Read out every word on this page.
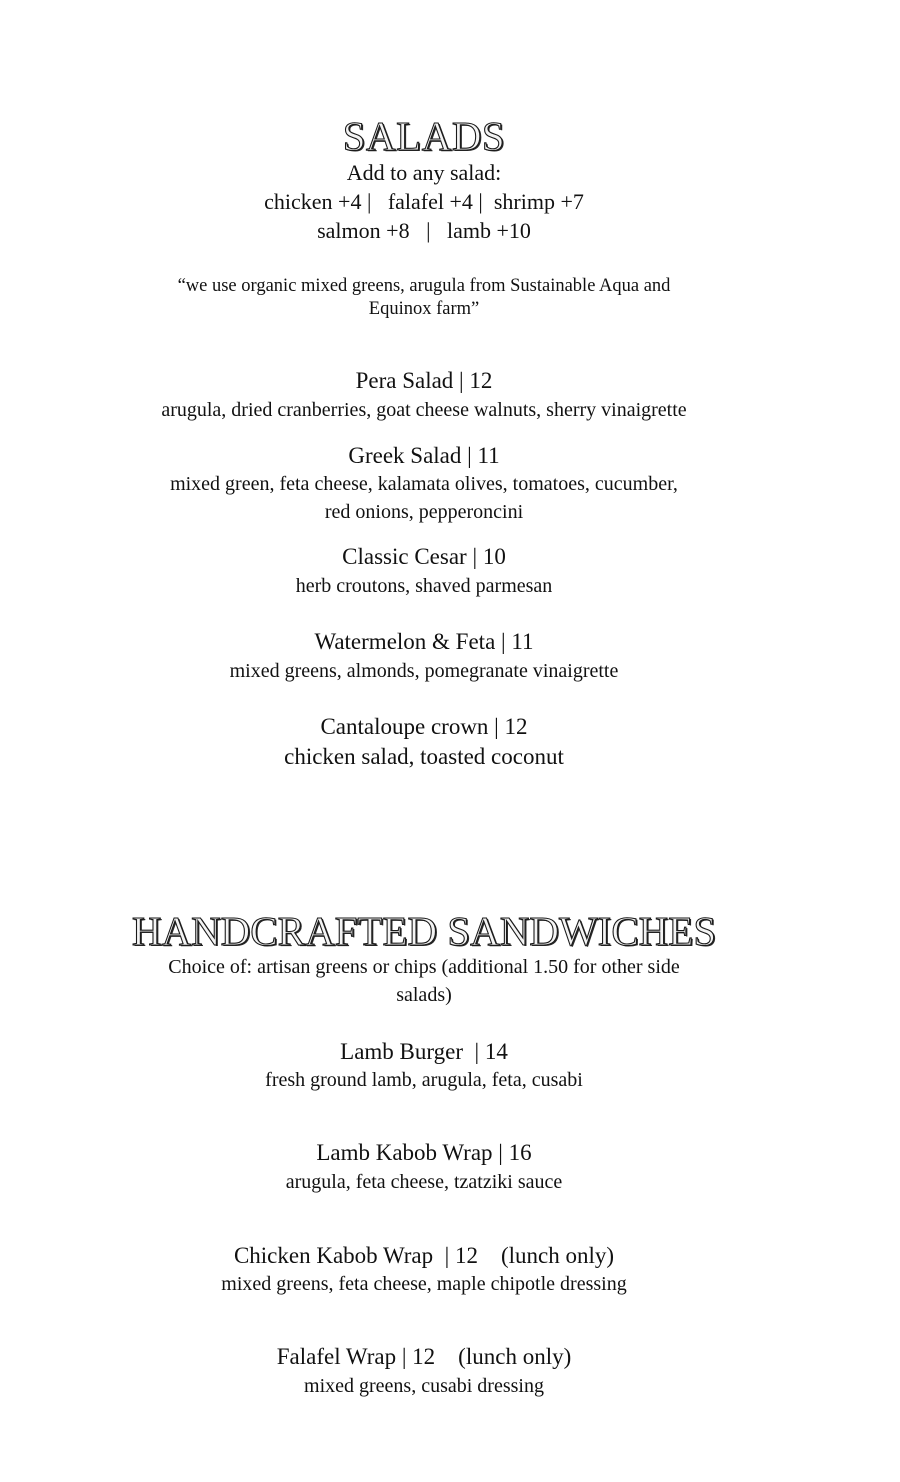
SALADS
Add to any salad:
chicken +4 |   falafel +4 |  shrimp +7
salmon +8   |   lamb +10
“we use organic mixed greens, arugula from Sustainable Aqua and
Equinox farm”
Pera Salad | 12
arugula, dried cranberries, goat cheese walnuts, sherry vinaigrette
Greek Salad | 11
mixed green, feta cheese, kalamata olives, tomatoes, cucumber,
red onions, pepperoncini
Classic Cesar | 10
herb croutons, shaved parmesan
Watermelon & Feta | 11
mixed greens, almonds, pomegranate vinaigrette
Cantaloupe crown | 12
chicken salad, toasted coconut
HANDCRAFTED SANDWICHES
Choice of: artisan greens or chips (additional 1.50 for other side
salads)
Lamb Burger  | 14
fresh ground lamb, arugula, feta, cusabi
Lamb Kabob Wrap | 16
arugula, feta cheese, tzatziki sauce
Chicken Kabob Wrap  | 12    (lunch only)
mixed greens, feta cheese, maple chipotle dressing
Falafel Wrap | 12    (lunch only)
mixed greens, cusabi dressing
